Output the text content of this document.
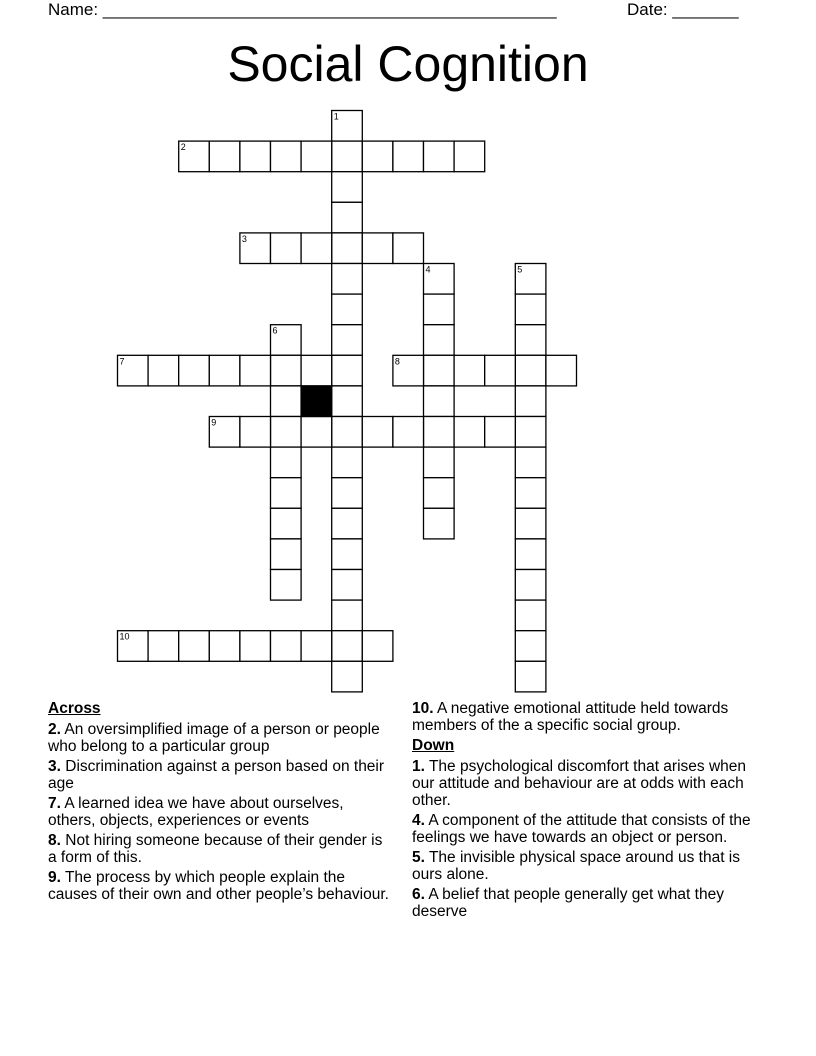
Name: ________________________________________________	Date: _______
Social Cognition
1
2
3
4	5
6
7	8
9
10
Across
2. An oversimplified image of a person or people who belong to a particular group
3. Discrimination against a person based on their age
7. A learned idea we have about ourselves, others, objects, experiences or events
8. Not hiring someone because of their gender is a form of this.
9. The process by which people explain the causes of their own and other people’s behaviour.
10. A negative emotional attitude held towards members of the a specific social group.
Down
1. The psychological discomfort that arises when our attitude and behaviour are at odds with each other.
4. A component of the attitude that consists of the feelings we have towards an object or person.
5. The invisible physical space around us that is ours alone.
6. A belief that people generally get what they deserve
